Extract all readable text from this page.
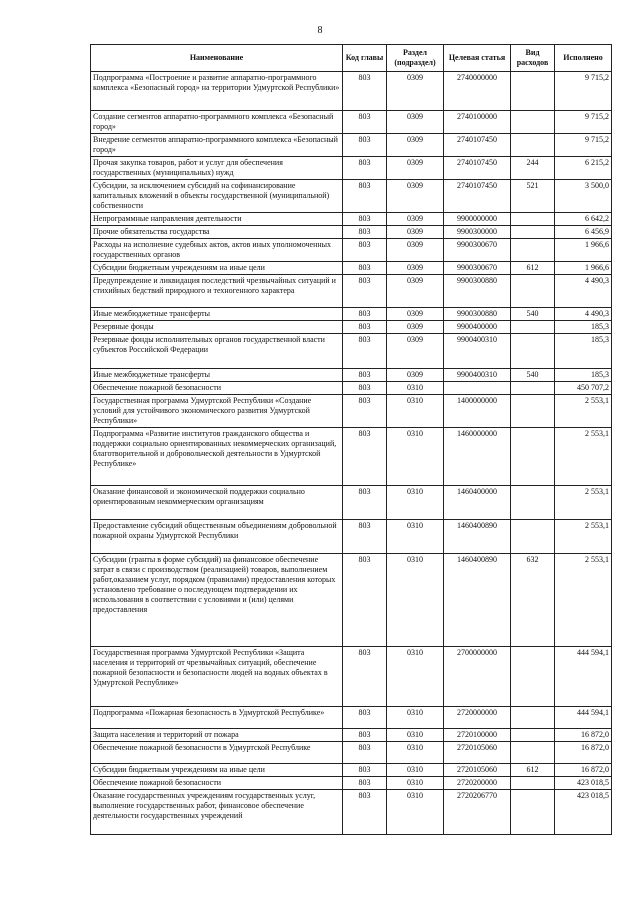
8
Наименование	Код главы	Раздел (подраздел)	Целевая статья	Вид расходов	Исполнено
Подпрограмма «Построение и развитие аппаратно-программного комплекса «Безопасный город» на территории Удмуртской Республики»	803	0309	2740000000		9 715,2
Создание сегментов аппаратно-программного комплекса «Безопасный город»	803	0309	2740100000		9 715,2
Внедрение сегментов аппаратно-программного комплекса «Безопасный город»	803	0309	2740107450		9 715,2
Прочая закупка товаров, работ и услуг для обеспечения государственных (муниципальных) нужд	803	0309	2740107450	244	6 215,2
Субсидии, за исключением субсидий на софинансирование капитальных вложений в объекты государственной (муниципальной) собственности	803	0309	2740107450	521	3 500,0
Непрограммные направления деятельности	803	0309	9900000000		6 642,2
Прочие обязательства государства	803	0309	9900300000		6 456,9
Расходы на исполнение судебных актов, актов иных уполномоченных государственных органов	803	0309	9900300670		1 966,6
Субсидии бюджетным учреждениям на иные цели	803	0309	9900300670	612	1 966,6
Предупреждение и ликвидация последствий чрезвычайных ситуаций и стихийных бедствий природного и техногенного характера	803	0309	9900300880		4 490,3
Иные межбюджетные трансферты	803	0309	9900300880	540	4 490,3
Резервные фонды	803	0309	9900400000		185,3
Резервные фонды исполнительных органов государственной власти субъектов Российской Федерации	803	0309	9900400310		185,3
Иные межбюджетные трансферты	803	0309	9900400310	540	185,3
Обеспечение пожарной безопасности	803	0310			450 707,2
Государственная программа Удмуртской Республики «Создание условий для устойчивого экономического развития Удмуртской Республики»	803	0310	1400000000		2 553,1
Подпрограмма «Развитие институтов гражданского общества и поддержки социально ориентированных некоммерческих организаций, благотворительной и добровольческой деятельности в Удмуртской Республике»	803	0310	1460000000		2 553,1
Оказание финансовой и экономической поддержки социально ориентированным некоммерческим организациям	803	0310	1460400000		2 553,1
Предоставление субсидий общественным объединениям добровольной пожарной охраны Удмуртской Республики	803	0310	1460400890		2 553,1
Субсидии (гранты в форме субсидий) на финансовое обеспечение затрат в связи с производством (реализацией) товаров, выполнением работ,оказанием услуг, порядком (правилами) предоставления которых установлено требование о последующем подтверждении их использования в соответствии с условиями и (или) целями предоставления	803	0310	1460400890	632	2 553,1
Государственная программа Удмуртской Республики «Защита населения и территорий от чрезвычайных ситуаций, обеспечение пожарной безопасности и безопасности людей на водных объектах в Удмуртской Республике»	803	0310	2700000000		444 594,1
Подпрограмма «Пожарная безопасность в Удмуртской Республике»	803	0310	2720000000		444 594,1
Защита населения и территорий от пожара	803	0310	2720100000		16 872,0
Обеспечение пожарной безопасности в Удмуртской Республике	803	0310	2720105060		16 872,0
Субсидии бюджетным учреждениям на иные цели	803	0310	2720105060	612	16 872,0
Обеспечение пожарной безопасности	803	0310	2720200000		423 018,5
Оказание государственных учреждениям государственных услуг, выполнение государственных работ, финансовое обеспечение деятельности государственных учреждений	803	0310	2720206770		423 018,5
